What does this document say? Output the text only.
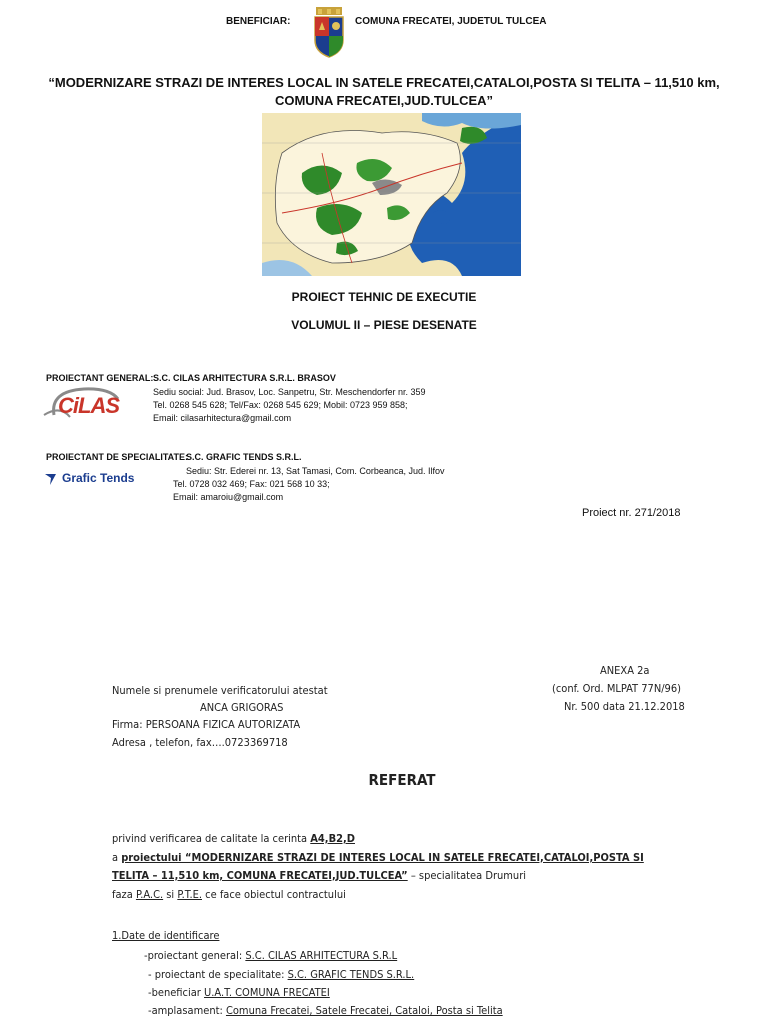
BENEFICIAR:	COMUNA FRECATEI, JUDETUL TULCEA
“MODERNIZARE STRAZI DE INTERES LOCAL IN SATELE FRECATEI,CATALOI,POSTA SI TELITA – 11,510 km,
COMUNA FRECATEI,JUD.TULCEA”
PROIECT TEHNIC DE EXECUTIE
VOLUMUL II – PIESE DESENATE
PROIECTANT GENERAL: S.C. CILAS ARHITECTURA S.R.L. BRASOV
Sediu social: Jud. Brasov, Loc. Sanpetru, Str. Meschendorfer nr. 359
Tel. 0268 545 628; Tel/Fax: 0268 545 629; Mobil: 0723 959 858;
Email: cilasarhitectura@gmail.com
CiLAS
PROIECTANT DE SPECIALITATE:
S.C. GRAFIC TENDS S.R.L.
Sediu: Str. Ederei nr. 13, Sat Tamasi, Com. Corbeanca, Jud. Ilfov
Tel. 0728 032 469; Fax: 021 568 10 33;
Email: amaroiu@gmail.com
Grafic Tends
Proiect nr. 271/2018
ANEXA 2a
(conf. Ord. MLPAT 77N/96)
Nr. 500 data 21.12.2018
Numele si prenumele verificatorului atestat
ANCA GRIGORAS
Firma: PERSOANA FIZICA AUTORIZATA
Adresa , telefon, fax….0723369718
REFERAT
privind verificarea de calitate la cerinta A4,B2,D
a proiectului “MODERNIZARE STRAZI DE INTERES LOCAL IN SATELE FRECATEI,CATALOI,POSTA SI
TELITA – 11,510 km, COMUNA FRECATEI,JUD.TULCEA” – specialitatea Drumuri
faza P.A.C. si P.T.E. ce face obiectul contractului
1.Date de identificare
-proiectant general: S.C. CILAS ARHITECTURA S.R.L
- proiectant de specialitate: S.C. GRAFIC TENDS S.R.L.
-beneficiar U.A.T. COMUNA FRECATEI
-amplasament: Comuna Frecatei, Satele Frecatei, Cataloi, Posta si Telita
